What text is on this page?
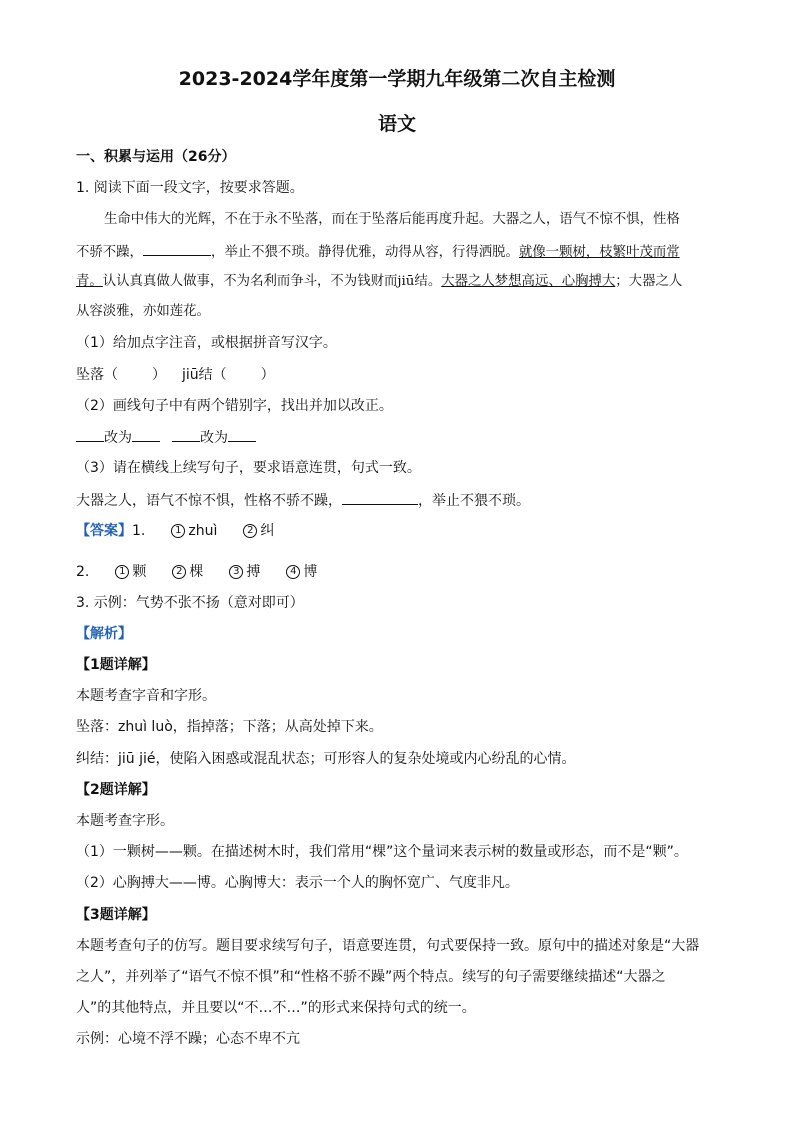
2023-2024学年度第一学期九年级第二次自主检测
语文
一、积累与运用（26分）
1. 阅读下面一段文字，按要求答题。
生命中伟大的光辉，不在于永不坠落，而在于坠落后能再度升起。大器之人，语气不惊不惧，性格
不骄不躁，	，举止不猥不琐。静得优雅，动得从容，行得洒脱。就像一颗树，枝繁叶茂而常
青。认认真真做人做事，不为名利而争斗，不为钱财而jiū结。大器之人梦想高远、心胸搏大；大器之人
从容淡雅，亦如莲花。
（1）给加点字注音，或根据拼音写汉字。
坠落（ ） jiū结（ ）
（2）画线句子中有两个错别字，找出并加以改正。
改为	改为
（3）请在横线上续写句子，要求语意连贯，句式一致。
大器之人，语气不惊不惧，性格不骄不躁，	，举止不猥不琐。
【答案】1.	1 zhuì	2 纠
2.	1 颗	2 棵	3 搏	4 博
3. 示例：气势不张不扬（意对即可）
【解析】
【1题详解】
本题考查字音和字形。
坠落：zhuì luò，指掉落；下落；从高处掉下来。
纠结：jiū jié，使陷入困惑或混乱状态；可形容人的复杂处境或内心纷乱的心情。
【2题详解】
本题考查字形。
（1）一颗树——颗。在描述树木时，我们常用“棵”这个量词来表示树的数量或形态，而不是“颗”。
（2）心胸搏大——博。心胸博大：表示一个人的胸怀宽广、气度非凡。
【3题详解】
本题考查句子的仿写。题目要求续写句子，语意要连贯，句式要保持一致。原句中的描述对象是“大器
之人”，并列举了“语气不惊不惧”和“性格不骄不躁”两个特点。续写的句子需要继续描述“大器之
人”的其他特点，并且要以“不…不…”的形式来保持句式的统一。
示例：心境不浮不躁；心态不卑不亢
